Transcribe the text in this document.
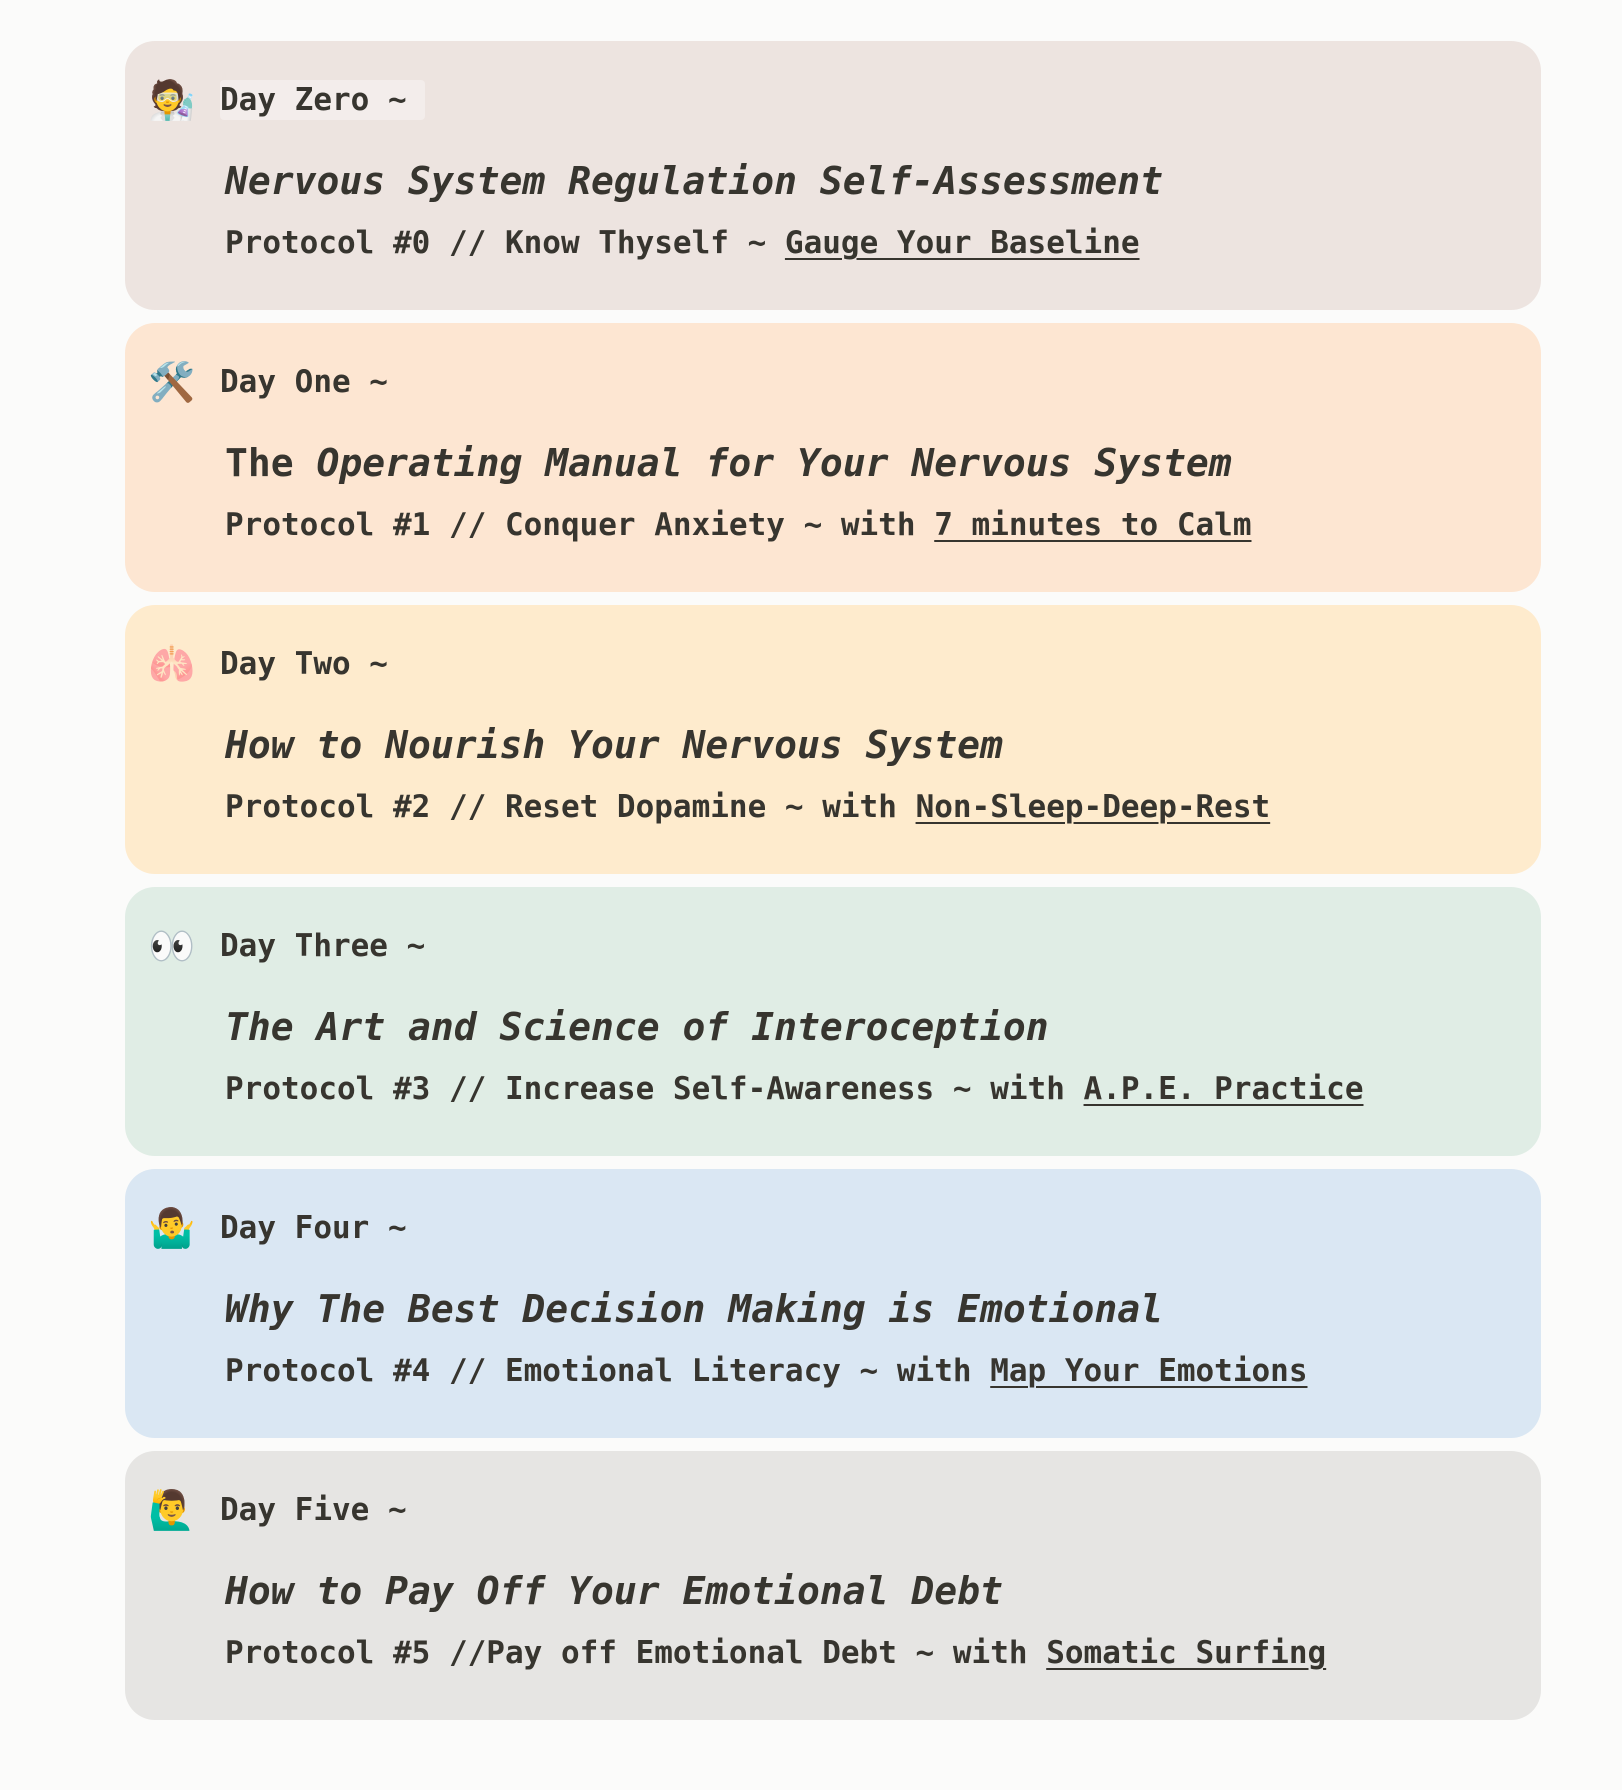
🧑‍🔬 Day Zero ~
Nervous System Regulation Self-Assessment
Protocol #0 // Know Thyself ~ Gauge Your Baseline
🛠️ Day One ~
The Operating Manual for Your Nervous System
Protocol #1 // Conquer Anxiety ~ with 7 minutes to Calm
🫁 Day Two ~
How to Nourish Your Nervous System
Protocol #2 // Reset Dopamine ~ with Non-Sleep-Deep-Rest
👀 Day Three ~
The Art and Science of Interoception
Protocol #3 // Increase Self-Awareness ~ with A.P.E. Practice
🤷‍♂️ Day Four ~
Why The Best Decision Making is Emotional
Protocol #4 // Emotional Literacy ~ with Map Your Emotions
🙋‍♂️ Day Five ~
How to Pay Off Your Emotional Debt
Protocol #5 //Pay off Emotional Debt ~ with Somatic Surfing
